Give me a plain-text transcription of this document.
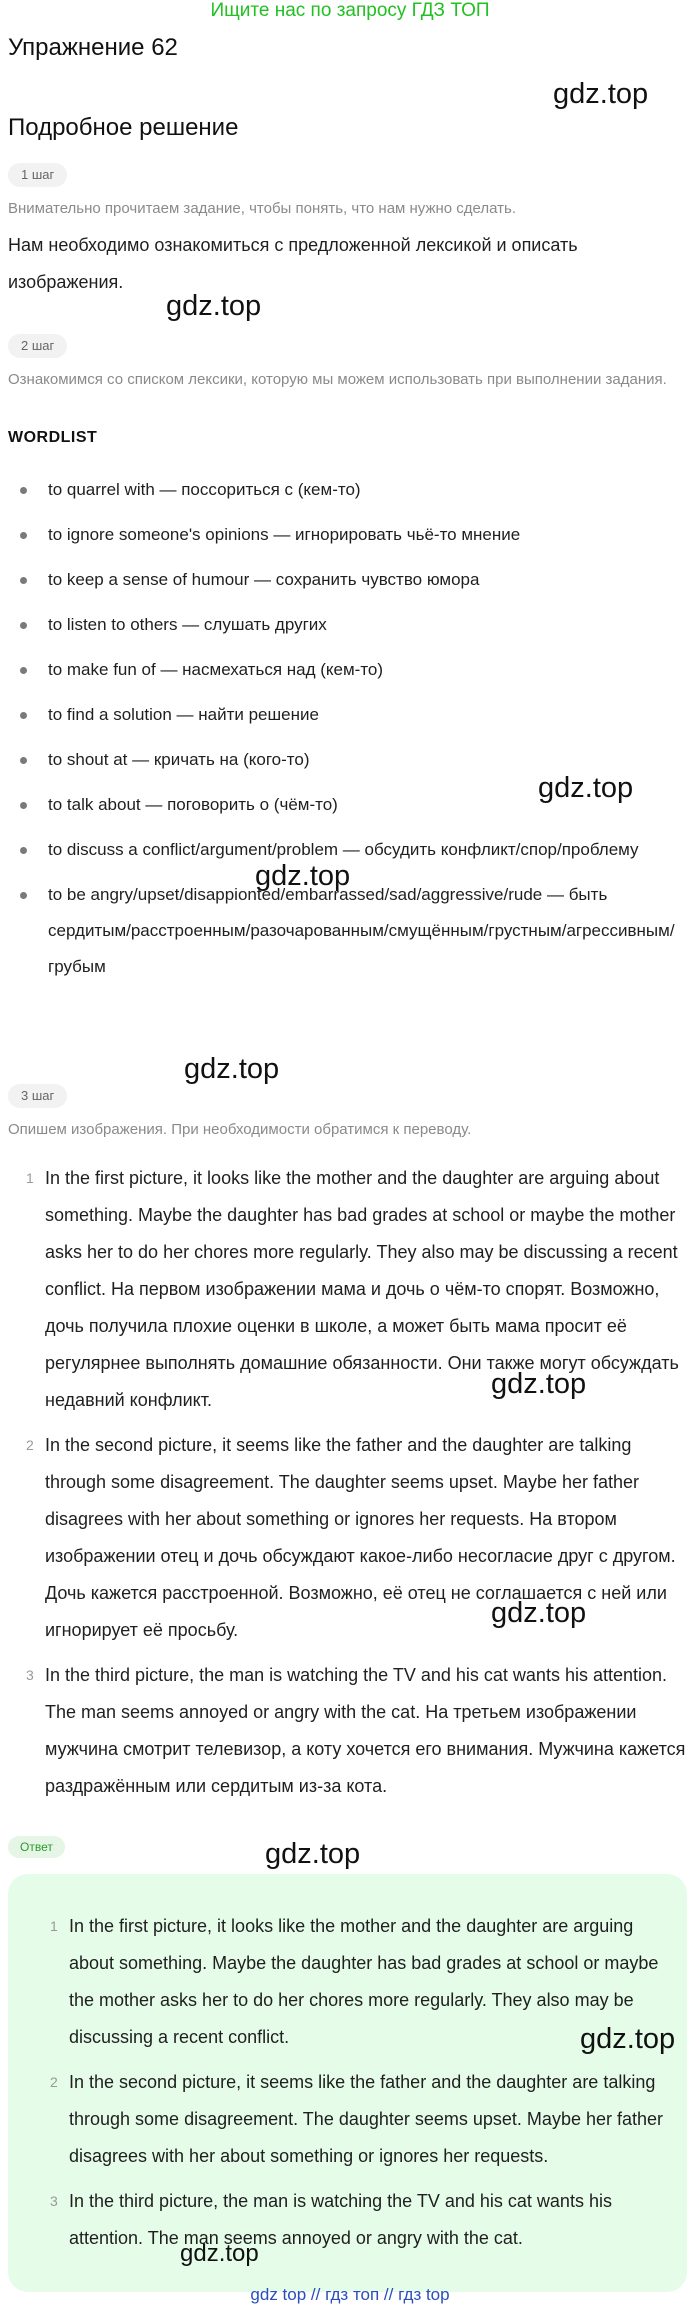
Ищите нас по запросу ГДЗ ТОП
Упражнение 62
gdz.top
Подробное решение
1 шаг
Внимательно прочитаем задание, чтобы понять, что нам нужно сделать.
Нам необходимо ознакомиться с предложенной лексикой и описать изображения.
gdz.top
2 шаг
Ознакомимся со списком лексики, которую мы можем использовать при выполнении задания.
WORDLIST
to quarrel with — поссориться с (кем-то)
to ignore someone's opinions — игнорировать чьё-то мнение
to keep a sense of humour — сохранить чувство юмора
to listen to others — слушать других
to make fun of — насмехаться над (кем-то)
to find a solution — найти решение
to shout at — кричать на (кого-то)
to talk about — поговорить о (чём-то)
to discuss a conflict/argument/problem — обсудить конфликт/спор/проблему
to be angry/upset/disappionted/embarrassed/sad/aggressive/rude — быть сердитым/расстроенным/разочарованным/смущённым/грустным/агрессивным/грубым
gdz.top
gdz.top
gdz.top
3 шаг
Опишем изображения. При необходимости обратимся к переводу.
1 In the first picture, it looks like the mother and the daughter are arguing about something. Maybe the daughter has bad grades at school or maybe the mother asks her to do her chores more regularly. They also may be discussing a recent conflict. На первом изображении мама и дочь о чём-то спорят. Возможно, дочь получила плохие оценки в школе, а может быть мама просит её регулярнее выполнять домашние обязанности. Они также могут обсуждать недавний конфликт.
2 In the second picture, it seems like the father and the daughter are talking through some disagreement. The daughter seems upset. Maybe her father disagrees with her about something or ignores her requests. На втором изображении отец и дочь обсуждают какое-либо несогласие друг с другом. Дочь кажется расстроенной. Возможно, её отец не соглашается с ней или игнорирует её просьбу.
3 In the third picture, the man is watching the TV and his cat wants his attention. The man seems annoyed or angry with the cat. На третьем изображении мужчина смотрит телевизор, а коту хочется его внимания. Мужчина кажется раздражённым или сердитым из-за кота.
gdz.top
gdz.top
Ответ	gdz.top
1 In the first picture, it looks like the mother and the daughter are arguing about something. Maybe the daughter has bad grades at school or maybe the mother asks her to do her chores more regularly. They also may be discussing a recent conflict.
2 In the second picture, it seems like the father and the daughter are talking through some disagreement. The daughter seems upset. Maybe her father disagrees with her about something or ignores her requests.
3 In the third picture, the man is watching the TV and his cat wants his attention. The man seems annoyed or angry with the cat.
gdz.top
gdz.top
gdz top // гдз топ // гдз top
